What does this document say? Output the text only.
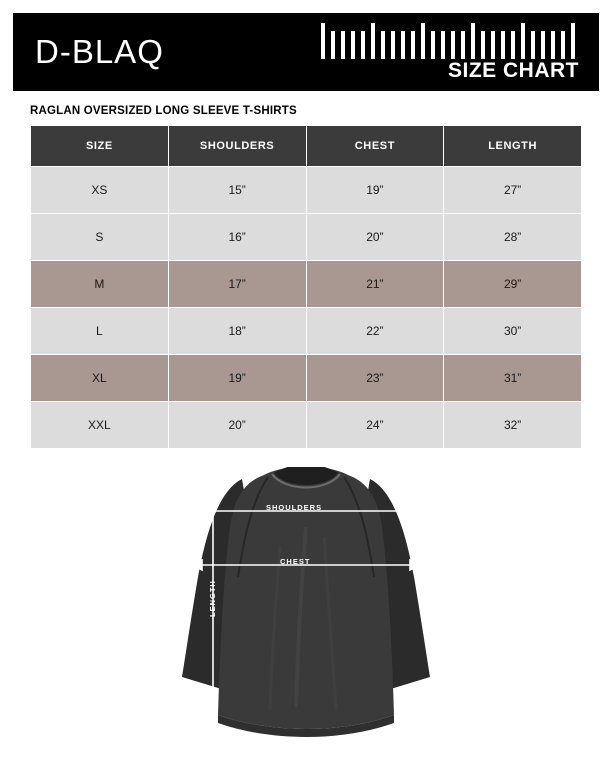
D-BLAQ
SIZE CHART
RAGLAN OVERSIZED LONG SLEEVE T-SHIRTS
SIZE	SHOULDERS	CHEST	LENGTH
XS	15”	19”	27”
S	16”	20”	28”
M	17”	21”	29”
L	18”	22”	30”
XL	19”	23”	31”
XXL	20”	24”	32”
SHOULDERS
CHEST
LENGTH
